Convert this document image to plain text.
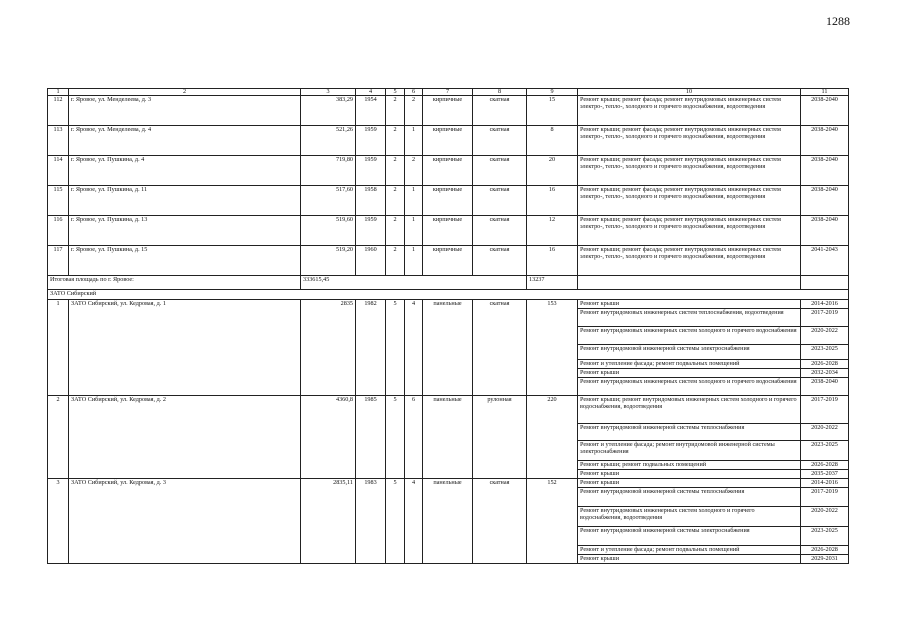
1288
1	2	3	4	5	6	7	8	9	10	11
112	г. Яровое, ул. Менделеева, д. 3	383,29	1954	2	2	кирпичные	скатная	15	Ремонт крыши; ремонт фасада; ремонт внутридомовых инженерных систем электро-, тепло-, холодного и горячего водоснабжения, водоотведения	2038-2040
113	г. Яровое, ул. Менделеева, д. 4	521,26	1959	2	1	кирпичные	скатная	8	Ремонт крыши; ремонт фасада; ремонт внутридомовых инженерных систем электро-, тепло-, холодного и горячего водоснабжения, водоотведения	2038-2040
114	г. Яровое, ул. Пушкина, д. 4	719,80	1959	2	2	кирпичные	скатная	20	Ремонт крыши; ремонт фасада; ремонт внутридомовых инженерных систем электро-, тепло-, холодного и горячего водоснабжения, водоотведения	2038-2040
115	г. Яровое, ул. Пушкина, д. 11	517,60	1958	2	1	кирпичные	скатная	16	Ремонт крыши; ремонт фасада; ремонт внутридомовых инженерных систем электро-, тепло-, холодного и горячего водоснабжения, водоотведения	2038-2040
116	г. Яровое, ул. Пушкина, д. 13	519,60	1959	2	1	кирпичные	скатная	12	Ремонт крыши; ремонт фасада; ремонт внутридомовых инженерных систем электро-, тепло-, холодного и горячего водоснабжения, водоотведения	2038-2040
117	г. Яровое, ул. Пушкина, д. 15	519,20	1960	2	1	кирпичные	скатная	16	Ремонт крыши; ремонт фасада; ремонт внутридомовых инженерных систем электро-, тепло-, холодного и горячего водоснабжения, водоотведения	2041-2043
Итоговая площадь по г. Яровое:		333615,45						13237		
ЗАТО Сибирский										
1	ЗАТО Сибирский, ул. Кедровая, д. 1	2835	1982	5	4	панельные	скатная	153	Ремонт крыши	2014-2016
									Ремонт внутридомовых инженерных систем теплоснабжения, водоотведения	2017-2019
									Ремонт внутридомовых инженерных систем холодного и горячего водоснабжения	2020-2022
									Ремонт внутридомовой инженерной системы электроснабжения	2023-2025
									Ремонт и утепление фасада; ремонт подвальных помещений	2026-2028
									Ремонт крыши	2032-2034
									Ремонт внутридомовых инженерных систем холодного и горячего водоснабжения	2038-2040
2	ЗАТО Сибирский, ул. Кедровая, д. 2	4360,8	1985	5	6	панельные	рулонная	220	Ремонт крыши; ремонт внутридомовых инженерных систем холодного и горячего водоснабжения, водоотведения	2017-2019
									Ремонт внутридомовой инженерной системы теплоснабжения	2020-2022
									Ремонт и утепление фасада; ремонт внутридомовой инженерной системы электроснабжения	2023-2025
									Ремонт крыши; ремонт подвальных помещений	2026-2028
									Ремонт крыши	2035-2037
3	ЗАТО Сибирский, ул. Кедровая, д. 3	2835,11	1983	5	4	панельные	скатная	152	Ремонт крыши	2014-2016
									Ремонт внутридомовой инженерной системы теплоснабжения	2017-2019
									Ремонт внутридомовых инженерных систем холодного и горячего водоснабжения, водоотведения	2020-2022
									Ремонт внутридомовой инженерной системы электроснабжения	2023-2025
									Ремонт и утепление фасада; ремонт подвальных помещений	2026-2028
									Ремонт крыши	2029-2031
